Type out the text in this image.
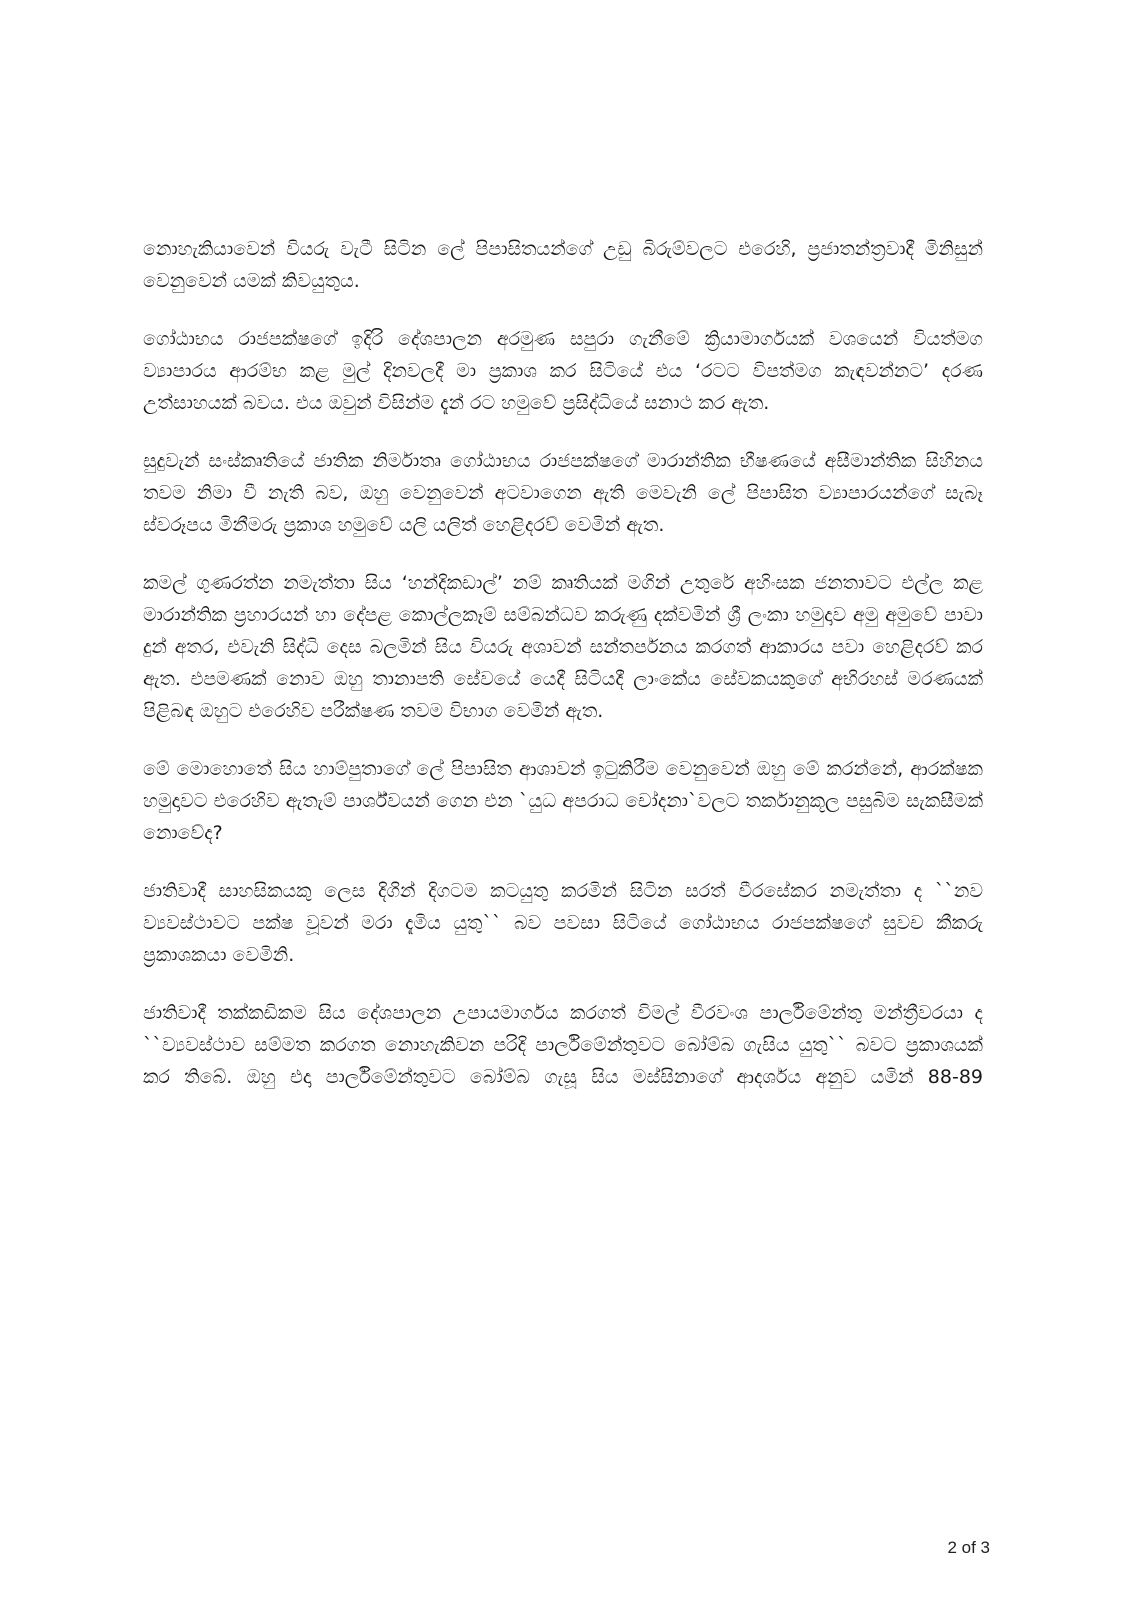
නොහැකියාවෙන් වියරු වැටී සිටින ලේ පිපාසිතයන්ගේ උඩු බිරුම්වලට එරෙහි, ප්‍රජාතන්ත්‍රවාදී මිනිසුන් වෙනුවෙන් යමක් කිවයුතුය.

ගෝඨාභය රාජපක්ෂගේ ඉදිරි දේශපාලන අරමුණ සපුරා ගැනීමේ ක්‍රියාමාර්ගයක් වශයෙන් වියත්මග ව්‍යාපාරය ආරම්භ කළ මුල් දිනවලදී මා ප්‍රකාශ කර සිටියේ එය ‘රටට විපත්මග කැඳවන්නට’ දරණ උත්සාහයක් බවය. එය ඔවුන් විසින්ම දැන් රට හමුවේ ප්‍රසිද්ධියේ සනාථ කර ඇත.

සුදුවැන් සංස්කෘතියේ ජාතික නිර්මාතෘ ගෝඨාභය රාජපක්ෂගේ මාරාන්තික භීෂණයේ අසීමාන්තික සිහිනය තවම නිමා වී නැති බව, ඔහු වෙනුවෙන් අටවාගෙන ඇති මෙවැනි ලේ පිපාසිත ව්‍යාපාරයන්ගේ සැබෑ ස්වරූපය මිනීමරු ප්‍රකාශ හමුවේ යලි යලිත් හෙළිදරව් වෙමින් ඇත.

කමල් ගුණරත්න නමැත්තා සිය ‘හන්දිකඩාල්’ නම් කෘතියක් මගින් උතුරේ අහිංසක ජනතාවට එල්ල කළ මාරාන්තික ප්‍රහාරයන් හා දේපළ කොල්ලකෑම් සම්බන්ධව කරුණු දක්වමින් ශ්‍රී ලංකා හමුදාව අමු අමුවේ පාවා දුන් අතර, එවැනි සිද්ධි දෙස බලමින් සිය වියරු අශාවන් සන්තර්පනය කරගත් ආකාරය පවා හෙළිදරව් කර ඇත. එපමණක් නොව ඔහු තානාපති සේවයේ යෙදී සිටියදී ලාංකේය සේවකයකුගේ අභිරහස් මරණයක් පිළිබඳ ඔහුට එරෙහිව පරීක්ෂණ තවම විභාග වෙමින් ඇත.

මේ මොහොතේ සිය හාම්පුතාගේ ලේ පිපාසිත ආශාවන් ඉටුකිරීම වෙනුවෙන් ඔහු මේ කරන්නේ, ආරක්ෂක හමුදාවට එරෙහිව ඇතැම් පාර්ශ්වයන් ගෙන එන `යුධ අපරාධ චෝදනා`වලට තර්කානුකූල පසුබිම සැකසීමක් නොවේද?

ජාතිවාදී සාහසිකයකු ලෙස දිගින් දිගටම කටයුතු කරමින් සිටින සරත් වීරසේකර නමැත්තා ද ``නව ව්‍යවස්ථාවට පක්ෂ වූවන් මරා දැමිය යුතු`` බව පවසා සිටියේ ගෝඨාභය රාජපක්ෂගේ සුවච කීකරු ප්‍රකාශකයා වෙමිනි.

ජාතිවාදී තක්කඩිකම සිය දේශපාලන උපායමාර්ගය කරගත් විමල් වීරවංශ පාර්ලිමේන්තු මන්ත්‍රීවරයා ද ``ව්‍යවස්ථාව සම්මත කරගත නොහැකිවන පරිදි පාර්ලිමේන්තුවට බෝම්බ ගැසිය යුතු`` බවට ප්‍රකාශයක් කර තිබේ. ඔහු එදා පාර්ලිමේන්තුවට බෝම්බ ගැසූ සිය මස්සිනාගේ ආදර්ශය අනුව යමින් 88-89

2 of 3
